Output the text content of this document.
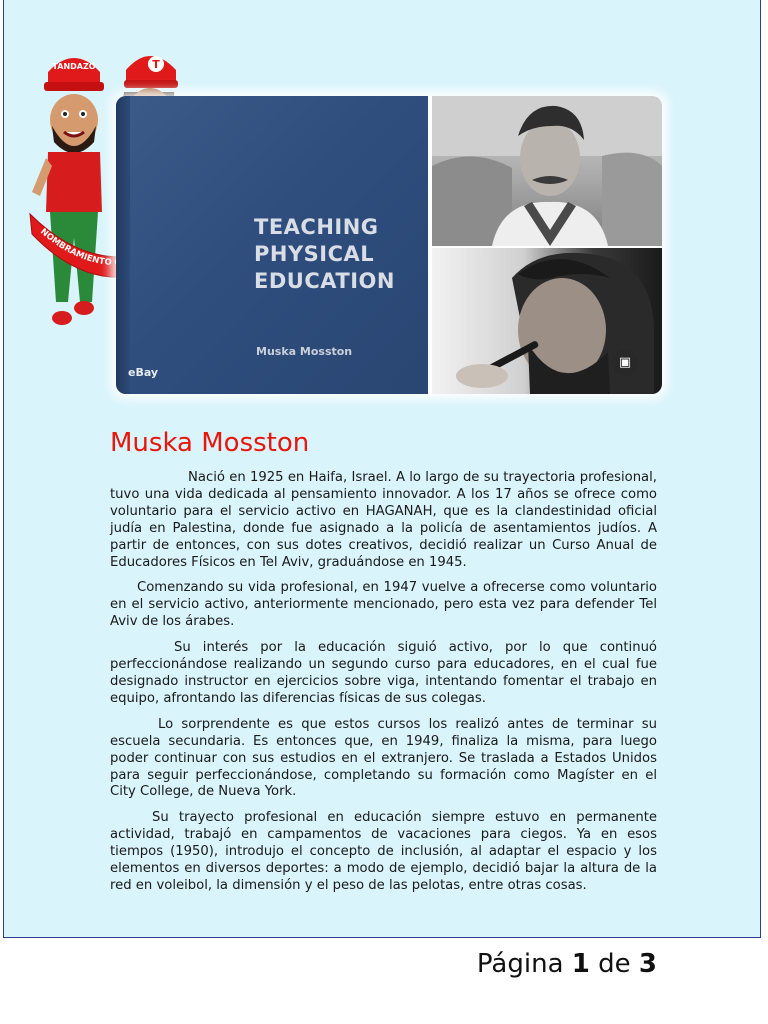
T
TANDAZO
NOMBRAMIENTO
TEACHING
PHYSICAL
EDUCATION
Muska Mosston
eBay
▣
Muska Mosston

Nació en 1925 en Haifa, Israel. A lo largo de su trayectoria profesional, tuvo una vida dedicada al pensamiento innovador. A los 17 años se ofrece como voluntario para el servicio activo en HAGANAH, que es la clandestinidad oficial judía en Palestina, donde fue asignado a la policía de asentamientos judíos. A partir de entonces, con sus dotes creativos, decidió realizar un Curso Anual de Educadores Físicos en Tel Aviv, graduándose en 1945.

Comenzando su vida profesional, en 1947 vuelve a ofrecerse como voluntario en el servicio activo, anteriormente mencionado, pero esta vez para defender Tel Aviv de los árabes.

Su interés por la educación siguió activo, por lo que continuó perfeccionándose realizando un segundo curso para educadores, en el cual fue designado instructor en ejercicios sobre viga, intentando fomentar el trabajo en equipo, afrontando las diferencias físicas de sus colegas.

Lo sorprendente es que estos cursos los realizó antes de terminar su escuela secundaria. Es entonces que, en 1949, finaliza la misma, para luego poder continuar con sus estudios en el extranjero. Se traslada a Estados Unidos para seguir perfeccionándose, completando su formación como Magíster en el City College, de Nueva York.

Su trayecto profesional en educación siempre estuvo en permanente actividad, trabajó en campamentos de vacaciones para ciegos. Ya en esos tiempos (1950), introdujo el concepto de inclusión, al adaptar el espacio y los elementos en diversos deportes: a modo de ejemplo, decidió bajar la altura de la red en voleibol, la dimensión y el peso de las pelotas, entre otras cosas.

Página 1 de 3
